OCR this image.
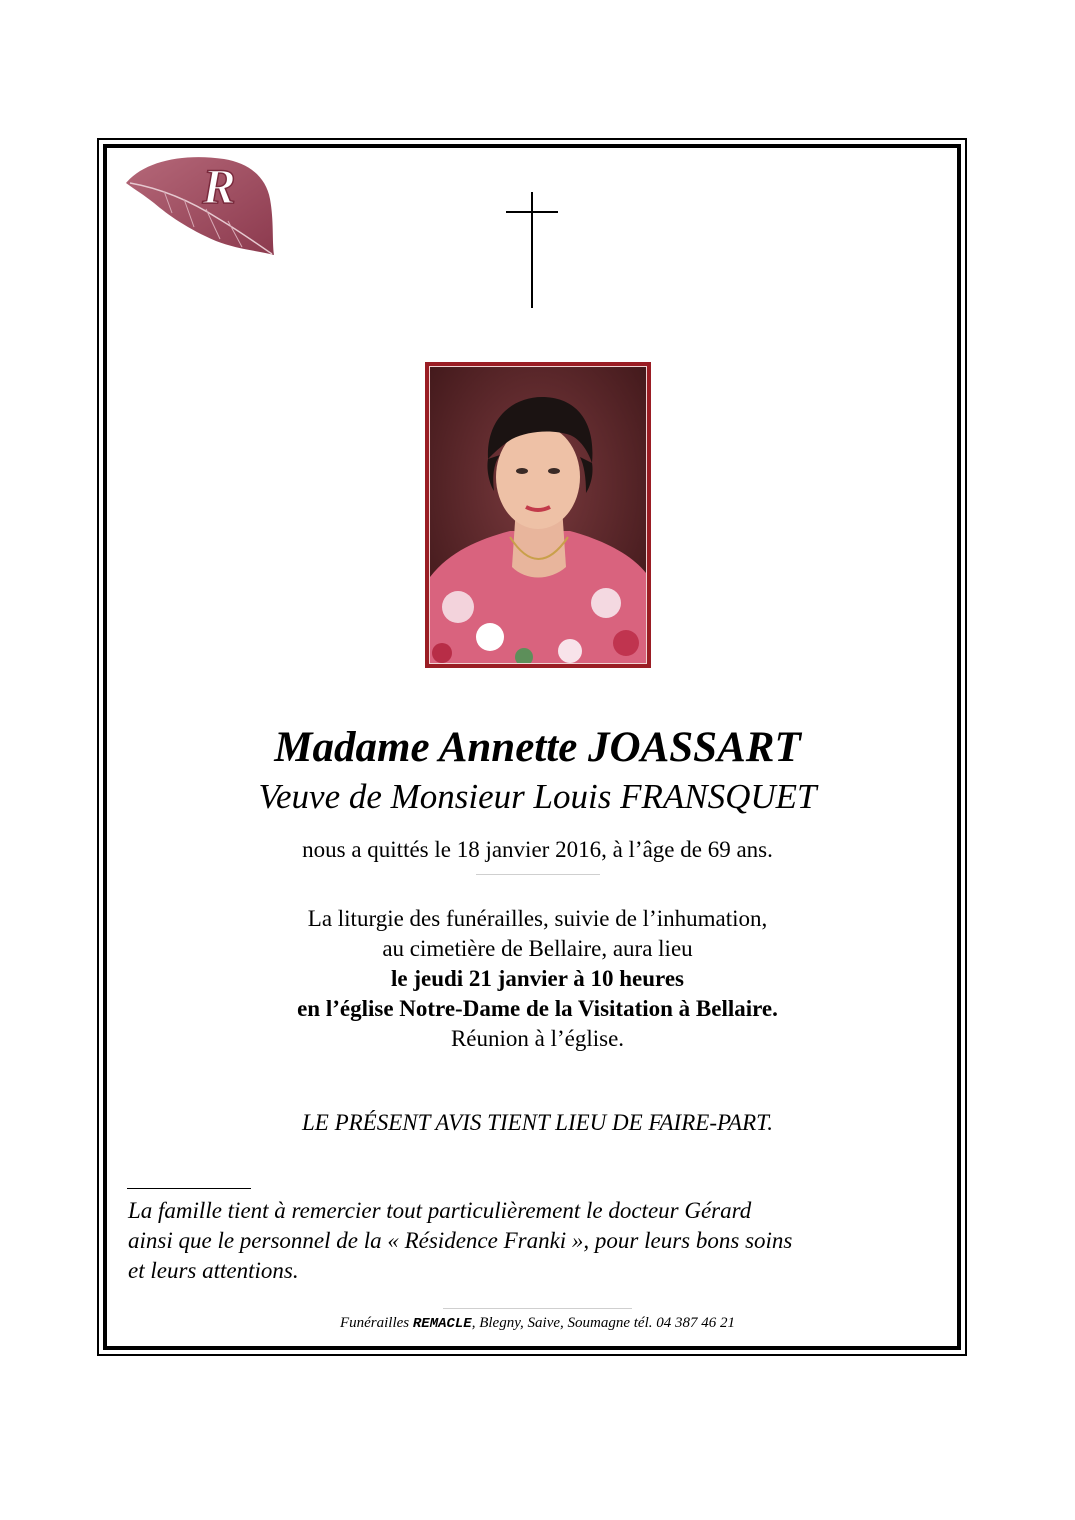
R
Madame Annette JOASSART
Veuve de Monsieur Louis FRANSQUET
nous a quittés le 18 janvier 2016, à l’âge de 69 ans.
La liturgie des funérailles, suivie de l’inhumation,
au cimetière de Bellaire, aura lieu
le jeudi 21 janvier à 10 heures
en l’église Notre-Dame de la Visitation à Bellaire.
Réunion à l’église.
LE PRÉSENT AVIS TIENT LIEU DE FAIRE-PART.
La famille tient à remercier tout particulièrement le docteur Gérard
ainsi que le personnel de la « Résidence Franki », pour leurs bons soins
et leurs attentions.
Funérailles REMACLE, Blegny, Saive, Soumagne tél. 04 387 46 21
